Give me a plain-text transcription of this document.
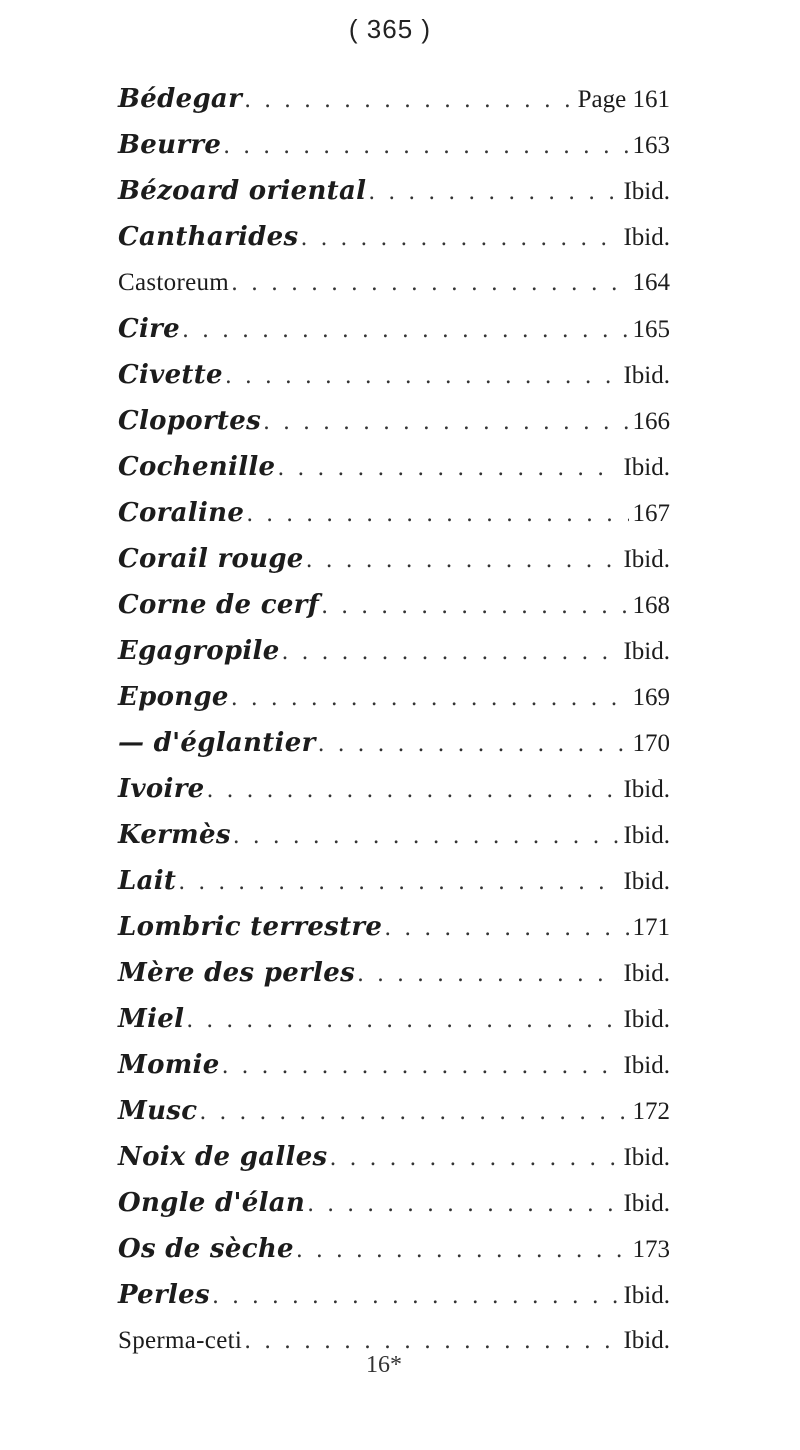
( 365 )
Bédegar . . .	Page 161
Beurre . . .	163
Bézoard oriental . . .	Ibid.
Cantharides . . .	Ibid.
Castoreum . . .	164
Cire . . .	165
Civette . . .	Ibid.
Cloportes . . .	166
Cochenille . . .	Ibid.
Coraline . . .	167
Corail rouge . . .	Ibid.
Corne de cerf . . .	168
Egagropile . . .	Ibid.
Eponge . . .	169
— d'églantier . . .	170
Ivoire . . .	Ibid.
Kermès . . .	Ibid.
Lait . . .	Ibid.
Lombric terrestre . . .	171
Mère des perles . . .	Ibid.
Miel . . .	Ibid.
Momie . . .	Ibid.
Musc . . .	172
Noix de galles . . .	Ibid.
Ongle d'élan . . .	Ibid.
Os de sèche . . .	173
Perles . . .	Ibid.
Sperma-ceti . . .	Ibid.
16*
